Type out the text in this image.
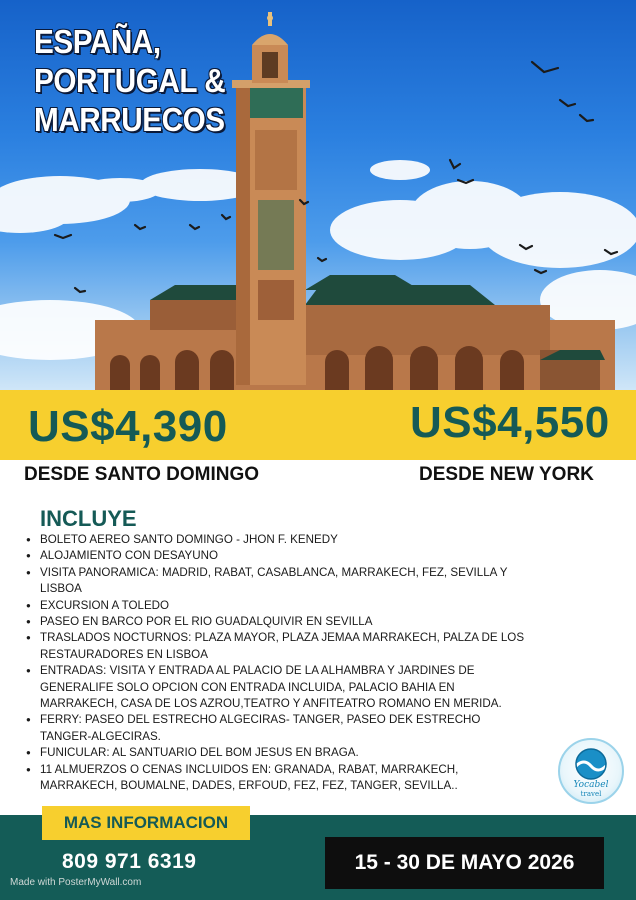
ESPAÑA,
PORTUGAL &
MARRUECOS
US$4,390	US$4,550
DESDE SANTO DOMINGO	DESDE NEW YORK
INCLUYE
● BOLETO AEREO SANTO DOMINGO - JHON F. KENEDY
● ALOJAMIENTO CON DESAYUNO
● VISITA PANORAMICA: MADRID, RABAT, CASABLANCA, MARRAKECH, FEZ, SEVILLA Y LISBOA
● EXCURSION A TOLEDO
● PASEO EN BARCO POR EL RIO GUADALQUIVIR EN SEVILLA
● TRASLADOS NOCTURNOS: PLAZA MAYOR, PLAZA JEMAA MARRAKECH, PALZA DE LOS RESTAURADORES EN LISBOA
● ENTRADAS: VISITA Y ENTRADA AL PALACIO DE LA ALHAMBRA Y JARDINES DE GENERALIFE SOLO OPCION CON ENTRADA INCLUIDA, PALACIO BAHIA EN MARRAKECH, CASA DE LOS AZROU,TEATRO Y ANFITEATRO ROMANO EN MERIDA.
● FERRY: PASEO DEL ESTRECHO ALGECIRAS- TANGER, PASEO DEK ESTRECHO TANGER-ALGECIRAS.
● FUNICULAR: AL SANTUARIO DEL BOM JESUS EN BRAGA.
● 11 ALMUERZOS O CENAS INCLUIDOS EN: GRANADA, RABAT, MARRAKECH, MARRAKECH, BOUMALNE, DADES, ERFOUD, FEZ, FEZ, TANGER, SEVILLA..	Yocabel
travel
MAS INFORMACION
809 971 6319	15 - 30 DE MAYO 2026
Made with PosterMyWall.com
